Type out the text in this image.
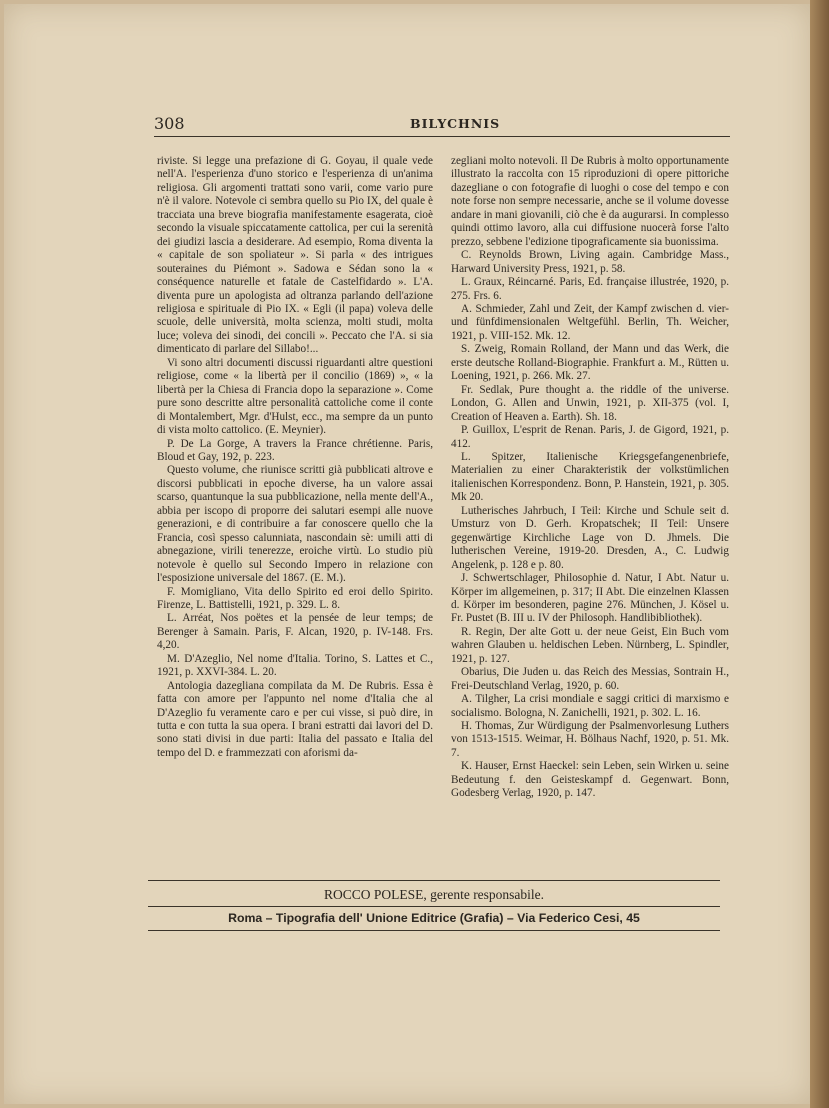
308	BILYCHNIS

riviste. Si legge una prefazione di G. Goyau, il quale vede nell'A. l'esperienza d'uno storico e l'esperienza di un'anima religiosa. Gli argomenti trattati sono varii, come vario pure n'è il valore. Notevole ci sembra quello su Pio IX, del quale è tracciata una breve biografia manifestamente esagerata, cioè secondo la visuale spiccatamente cattolica, per cui la serenità dei giudizi lascia a desiderare. Ad esempio, Roma diventa la « capitale de son spoliateur ». Si parla « des intrigues souteraines du Piémont ». Sadowa e Sédan sono la « conséquence naturelle et fatale de Castelfidardo ». L'A. diventa pure un apologista ad oltranza parlando dell'azione religiosa e spirituale di Pio IX. « Egli (il papa) voleva delle scuole, delle università, molta scienza, molti studi, molta luce; voleva dei sinodi, dei concili ». Peccato che l'A. si sia dimenticato di parlare del Sillabo!...

Vi sono altri documenti discussi riguardanti altre questioni religiose, come « la libertà per il concilio (1869) », « la libertà per la Chiesa di Francia dopo la separazione ». Come pure sono descritte altre personalità cattoliche come il conte di Montalembert, Mgr. d'Hulst, ecc., ma sempre da un punto di vista molto cattolico. (E. Meynier).

P. De La Gorge, A travers la France chrétienne. Paris, Bloud et Gay, 192, p. 223.

Questo volume, che riunisce scritti già pubblicati altrove e discorsi pubblicati in epoche diverse, ha un valore assai scarso, quantunque la sua pubblicazione, nella mente dell'A., abbia per iscopo di proporre dei salutari esempi alle nuove generazioni, e di contribuire a far conoscere quello che la Francia, così spesso calunniata, nascondain sè: umili atti di abnegazione, virili tenerezze, eroiche virtù. Lo studio più notevole è quello sul Secondo Impero in relazione con l'esposizione universale del 1867. (E. M.).

F. Momigliano, Vita dello Spirito ed eroi dello Spirito. Firenze, L. Battistelli, 1921, p. 329. L. 8.

L. Arréat, Nos poëtes et la pensée de leur temps; de Berenger à Samain. Paris, F. Alcan, 1920, p. IV-148. Frs. 4,20.

M. D'Azeglio, Nel nome d'Italia. Torino, S. Lattes et C., 1921, p. XXVI-384. L. 20.

Antologia dazegliana compilata da M. De Rubris. Essa è fatta con amore per l'appunto nel nome d'Italia che al D'Azeglio fu veramente caro e per cui visse, si può dire, in tutta e con tutta la sua opera. I brani estratti dai lavori del D. sono stati divisi in due parti: Italia del passato e Italia del tempo del D. e frammezzati con aforismi da-

zegliani molto notevoli. Il De Rubris à molto opportunamente illustrato la raccolta con 15 riproduzioni di opere pittoriche dazegliane o con fotografie di luoghi o cose del tempo e con note forse non sempre necessarie, anche se il volume dovesse andare in mani giovanili, ciò che è da augurarsi. In complesso quindi ottimo lavoro, alla cui diffusione nuocerà forse l'alto prezzo, sebbene l'edizione tipograficamente sia buonissima.

C. Reynolds Brown, Living again. Cambridge Mass., Harward University Press, 1921, p. 58.

L. Graux, Réincarné. Paris, Ed. française illustrée, 1920, p. 275. Frs. 6.

A. Schmieder, Zahl und Zeit, der Kampf zwischen d. vier-und fünfdimensionalen Weltgefühl. Berlin, Th. Weicher, 1921, p. VIII-152. Mk. 12.

S. Zweig, Romain Rolland, der Mann und das Werk, die erste deutsche Rolland-Biographie. Frankfurt a. M., Rütten u. Loening, 1921, p. 266. Mk. 27.

Fr. Sedlak, Pure thought a. the riddle of the universe. London, G. Allen and Unwin, 1921, p. XII-375 (vol. I, Creation of Heaven a. Earth). Sh. 18.

P. Guillox, L'esprit de Renan. Paris, J. de Gigord, 1921, p. 412.

L. Spitzer, Italienische Kriegsgefangenenbriefe, Materialien zu einer Charakteristik der volkstümlichen italienischen Korrespondenz. Bonn, P. Hanstein, 1921, p. 305. Mk 20.

Lutherisches Jahrbuch, I Teil: Kirche und Schule seit d. Umsturz von D. Gerh. Kropatschek; II Teil: Unsere gegenwärtige Kirchliche Lage von D. Jhmels. Die lutherischen Vereine, 1919-20. Dresden, A., C. Ludwig Angelenk, p. 128 e p. 80.

J. Schwertschlager, Philosophie d. Natur, I Abt. Natur u. Körper im allgemeinen, p. 317; II Abt. Die einzelnen Klassen d. Körper im besonderen, pagine 276. München, J. Kösel u. Fr. Pustet (B. III u. IV der Philosoph. Handlibibliothek).

R. Regin, Der alte Gott u. der neue Geist, Ein Buch vom wahren Glauben u. heldischen Leben. Nürnberg, L. Spindler, 1921, p. 127.

Obarius, Die Juden u. das Reich des Messias, Sontrain H., Frei-Deutschland Verlag, 1920, p. 60.

A. Tilgher, La crisi mondiale e saggi critici di marxismo e socialismo. Bologna, N. Zanichelli, 1921, p. 302. L. 16.

H. Thomas, Zur Würdigung der Psalmenvorlesung Luthers von 1513-1515. Weimar, H. Bölhaus Nachf, 1920, p. 51. Mk. 7.

K. Hauser, Ernst Haeckel: sein Leben, sein Wirken u. seine Bedeutung f. den Geisteskampf d. Gegenwart. Bonn, Godesberg Verlag, 1920, p. 147.

ROCCO POLESE, gerente responsabile.
Roma – Tipografia dell' Unione Editrice (Grafia) – Via Federico Cesi, 45
